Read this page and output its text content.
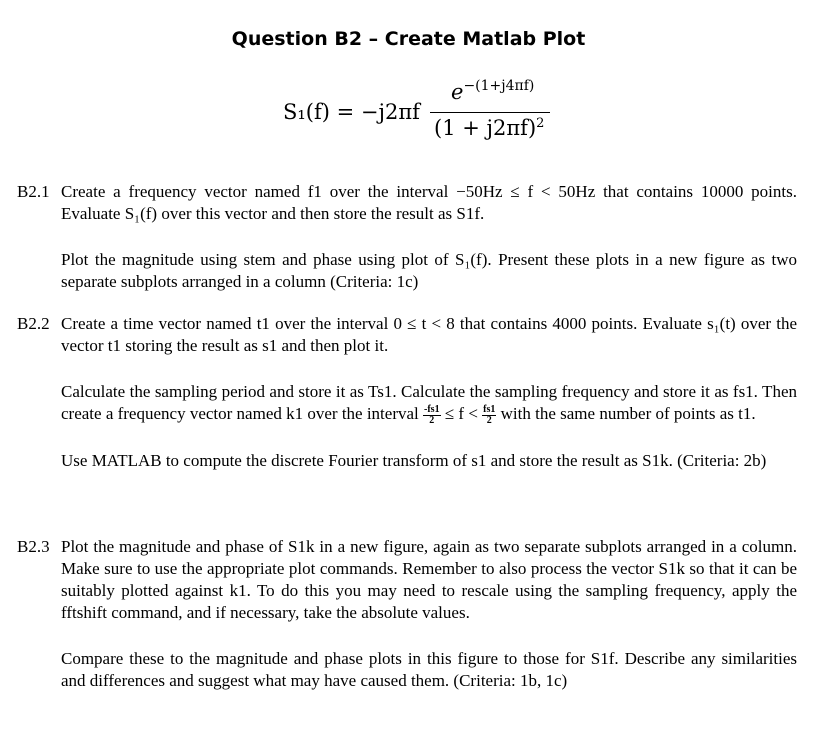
Question B2 – Create Matlab Plot
S₁(f) = −j2πf
$e^{-(1+j4\pi f)}$
$(1 + j2\pi f)^2$
B2.1 Create a frequency vector named f1 over the interval −50Hz ≤ f < 50Hz that contains 10000 points. Evaluate S₁(f) over this vector and then store the result as S1f.

Plot the magnitude using stem and phase using plot of S₁(f). Present these plots in a new figure as two separate subplots arranged in a column (Criteria: 1c)

B2.2 Create a time vector named t1 over the interval 0 ≤ t < 8 that contains 4000 points. Evaluate s₁(t) over the vector t1 storing the result as s1 and then plot it.

Calculate the sampling period and store it as Ts1. Calculate the sampling frequency and store it as fs1. Then create a frequency vector named k1 over the interval $\frac{-fs1}{2} \le f < \frac{fs1}{2}$ with the same number of points as t1.

Use MATLAB to compute the discrete Fourier transform of s1 and store the result as S1k. (Criteria: 2b)

B2.3 Plot the magnitude and phase of S1k in a new figure, again as two separate subplots arranged in a column. Make sure to use the appropriate plot commands. Remember to also process the vector S1k so that it can be suitably plotted against k1. To do this you may need to rescale using the sampling frequency, apply the fftshift command, and if necessary, take the absolute values.

Compare these to the magnitude and phase plots in this figure to those for S1f. Describe any similarities and differences and suggest what may have caused them. (Criteria: 1b, 1c)
